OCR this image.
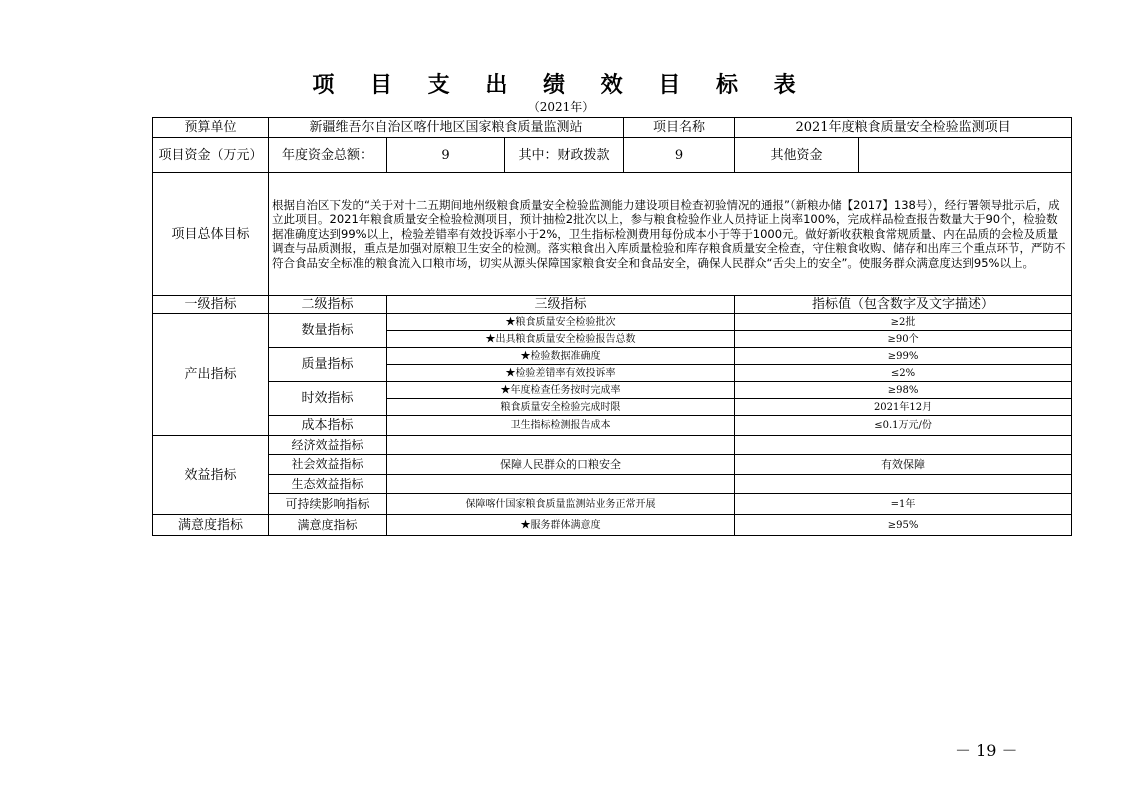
项 目 支 出 绩 效 目 标 表
（2021年）
预算单位	新疆维吾尔自治区喀什地区国家粮食质量监测站			项目名称	2021年度粮食质量安全检验监测项目	
项目资金（万元）	年度资金总额：	9	其中：财政拨款	9	其他资金	
项目总体目标	根据自治区下发的“关于对十二五期间地州级粮食质量安全检验监测能力建设项目检查初验情况的通报”（新粮办储【2017】138号），经行署领导批示后，成立此项目。2021年粮食质量安全检验检测项目，预计抽检2批次以上，参与粮食检验作业人员持证上岗率100%，完成样品检查报告数量大于90个，检验数据准确度达到99%以上，检验差错率有效投诉率小于2%，卫生指标检测费用每份成本小于等于1000元。做好新收获粮食常规质量、内在品质的会检及质量调查与品质测报，重点是加强对原粮卫生安全的检测。落实粮食出入库质量检验和库存粮食质量安全检查，守住粮食收购、储存和出库三个重点环节，严防不符合食品安全标准的粮食流入口粮市场，切实从源头保障国家粮食安全和食品安全，确保人民群众“舌尖上的安全”。使服务群众满意度达到95%以上。					
一级指标	二级指标	三级指标			指标值（包含数字及文字描述）	
产出指标	数量指标	★粮食质量安全检验批次			≥2批	
		★出具粮食质量安全检验报告总数			≥90个	
	质量指标	★检验数据准确度			≥99%	
		★检验差错率有效投诉率			≤2%	
	时效指标	★年度检查任务按时完成率			≥98%	
		粮食质量安全检验完成时限			2021年12月	
	成本指标	卫生指标检测报告成本			≤0.1万元/份	
效益指标	经济效益指标					
	社会效益指标	保障人民群众的口粮安全			有效保障	
	生态效益指标					
	可持续影响指标	保障喀什国家粮食质量监测站业务正常开展			=1年	
满意度指标	满意度指标	★服务群体满意度			≥95%	
－ 19 －
